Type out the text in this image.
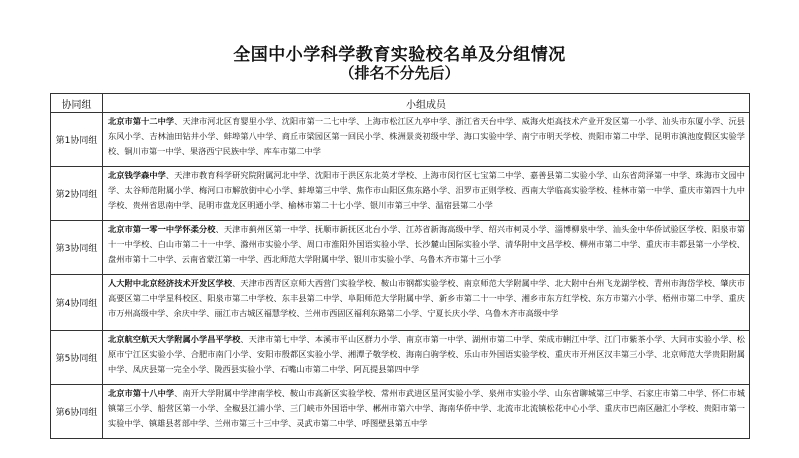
全国中小学科学教育实验校名单及分组情况
（排名不分先后）
协同组	小组成员
第1协同组	北京市第十二中学、天津市河北区育婴里小学、沈阳市第一二七中学、上海市松江区九亭中学、浙江省天台中学、威海火炬高技术产业开发区第一小学、汕头市东厦小学、沅县东风小学、吉林油田钻井小学、蚌埠第八中学、商丘市梁园区第一回民小学、株洲景炎初级中学、海口实验中学、南宁市明天学校、贵阳市第二中学、昆明市滇池度假区实验学校、铜川市第一中学、果洛西宁民族中学、库车市第二中学
第2协同组	北京钱学森中学、天津市教育科学研究院附属河北中学、沈阳市于洪区东北英才学校、上海市闵行区七宝第二中学、嘉善县第二实验小学、山东省菏泽第一中学、珠海市文园中学、太谷师范附属小学、梅河口市解放街中心小学、蚌埠第三中学、焦作市山阳区焦东路小学、汨罗市正则学校、西南大学临高实验学校、桂林市第一中学、重庆市第四十九中学校、贵州省思南中学、昆明市盘龙区明通小学、榆林市第二十七小学、银川市第三中学、温宿县第二小学
第3协同组	北京市第一零一中学怀柔分校、天津市蓟州区第一中学、抚顺市新抚区北台小学、江苏省新海高级中学、绍兴市柯灵小学、淄博柳泉中学、汕头金中华侨试验区学校、阳泉市第十一中学校、白山市第二十一中学、滁州市实验小学、周口市淮阳外国语实验小学、长沙麓山国际实验小学、清华附中文昌学校、柳州市第二中学、重庆市丰都县第一小学校、盘州市第十二中学、云南省蒙江第一中学、西北师范大学附属中学、银川市实验小学、乌鲁木齐市第十三小学
第4协同组	人大附中北京经济技术开发区学校、天津市西青区京师大西营门实验学校、鞍山市钢都实验学校、南京师范大学附属中学、北大附中台州飞龙湖学校、青州市海岱学校、肇庆市高要区第二中学星科校区、阳泉市第二中学校、东丰县第二中学、阜阳师范大学附属中学、新乡市第二十一中学、湘乡市东方红学校、东方市第六小学、梧州市第二中学、重庆市万州高级中学、余庆中学、丽江市古城区福慧学校、兰州市西固区福利东路第二小学、宁夏长庆小学、乌鲁木齐市高级中学
第5协同组	北京航空航天大学附属小学昌平学校、天津市第七中学、本溪市平山区群力小学、南京市第一中学、湖州市第二中学、荣成市蜊江中学、江门市紫茶小学、大同市实验小学、松原市宁江区实验小学、合肥市南门小学、安阳市殷都区实验小学、湘潭子敬学校、海南白驹学校、乐山市外国语实验学校、重庆市开州区汉丰第三小学、北京师范大学贵阳附属中学、凤庆县第一完全小学、陇西县实验小学、石嘴山市第二中学、阿瓦提县第四中学
第6协同组	北京市第十八中学、南开大学附属中学津南学校、鞍山市高新区实验学校、常州市武进区星河实验小学、泉州市实验小学、山东省聊城第三中学、石家庄市第二中学、怀仁市城镇第三小学、船营区第一小学、全椒县江浦小学、三门峡市外国语中学、郴州市第六中学、海南华侨中学、北流市北流镇松花中心小学、重庆市巴南区融汇小学校、贵阳市第一实验中学、镇雄县茗部中学、兰州市第三十三中学、灵武市第二中学、呼图壁县第五中学
